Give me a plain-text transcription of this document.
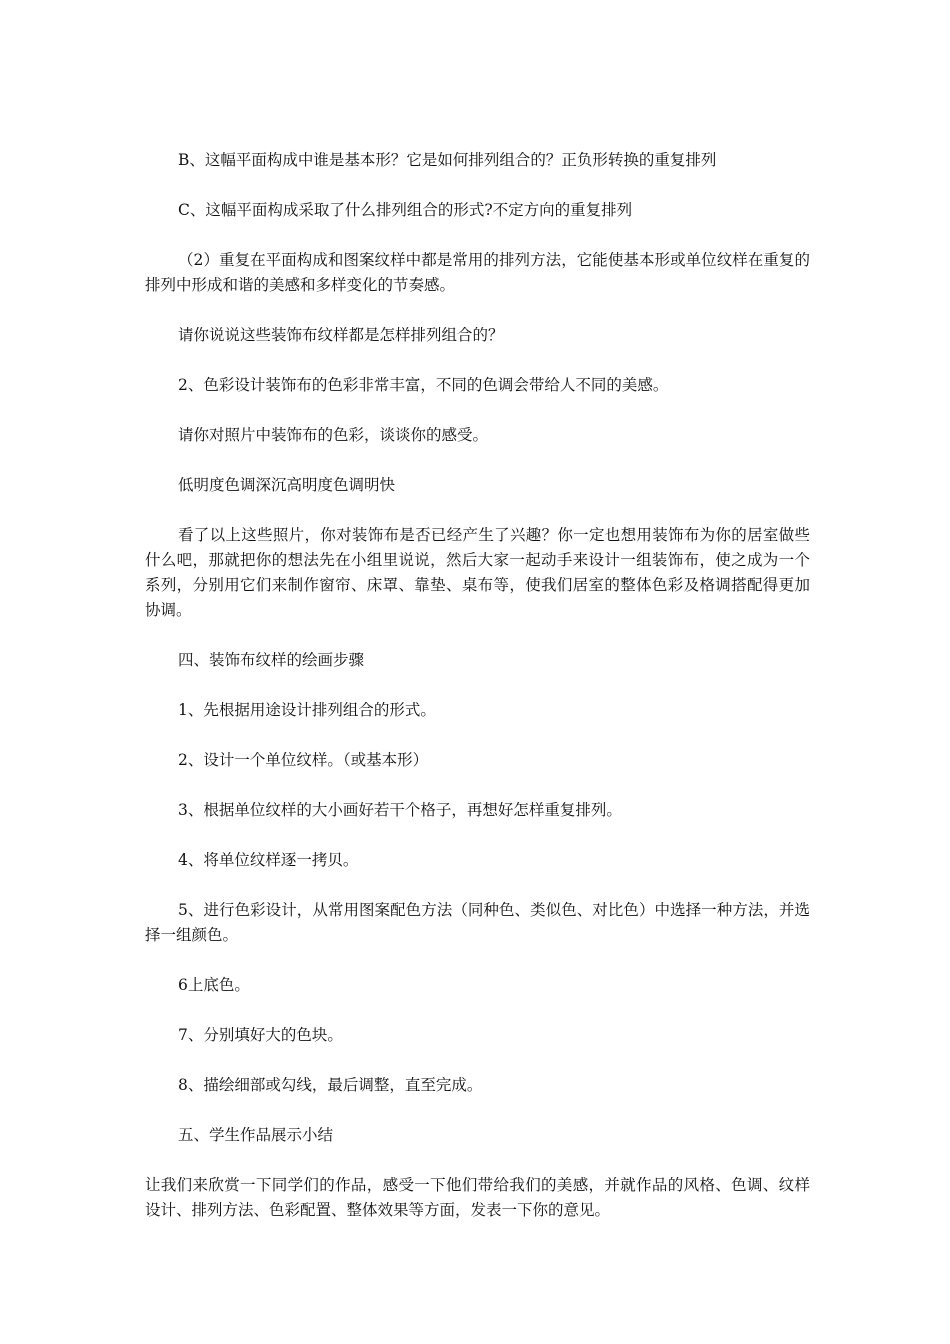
B、这幅平面构成中谁是基本形？它是如何排列组合的？正负形转换的重复排列

C、这幅平面构成采取了什么排列组合的形式?不定方向的重复排列

（2）重复在平面构成和图案纹样中都是常用的排列方法，它能使基本形或单位纹样在重复的排列中形成和谐的美感和多样变化的节奏感。

请你说说这些装饰布纹样都是怎样排列组合的？

2、色彩设计装饰布的色彩非常丰富，不同的色调会带给人不同的美感。

请你对照片中装饰布的色彩，谈谈你的感受。

低明度色调深沉高明度色调明快

看了以上这些照片，你对装饰布是否已经产生了兴趣？你一定也想用装饰布为你的居室做些什么吧，那就把你的想法先在小组里说说，然后大家一起动手来设计一组装饰布，使之成为一个系列，分别用它们来制作窗帘、床罩、靠垫、桌布等，使我们居室的整体色彩及格调搭配得更加协调。

四、装饰布纹样的绘画步骤

1、先根据用途设计排列组合的形式。

2、设计一个单位纹样。（或基本形）

3、根据单位纹样的大小画好若干个格子，再想好怎样重复排列。

4、将单位纹样逐一拷贝。

5、进行色彩设计，从常用图案配色方法（同种色、类似色、对比色）中选择一种方法，并选择一组颜色。

6上底色。

7、分别填好大的色块。

8、描绘细部或勾线，最后调整，直至完成。

五、学生作品展示小结

让我们来欣赏一下同学们的作品，感受一下他们带给我们的美感，并就作品的风格、色调、纹样设计、排列方法、色彩配置、整体效果等方面，发表一下你的意见。
